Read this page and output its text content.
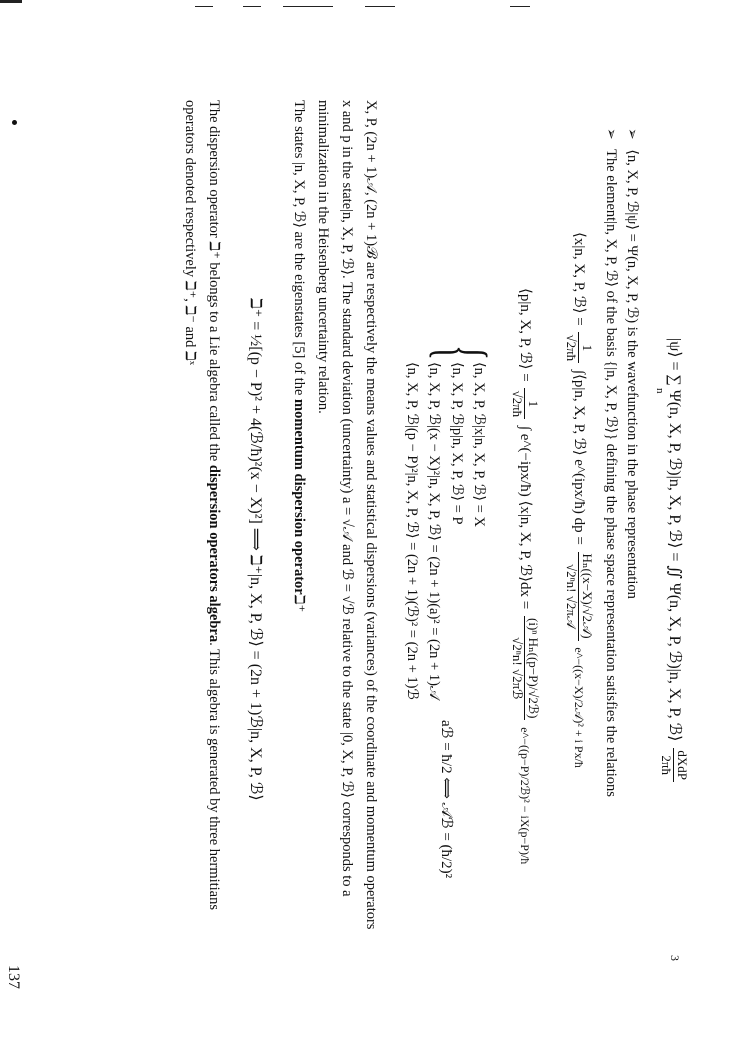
|ψ⟩ = ∑ Ψ(n, X, P, ℬ)|n, X, P, ℬ⟩ = ∬ Ψ(n, X, P, ℬ)|n, X, P, ℬ⟩
dXdP
2πħ
n
➢ ⟨n, X, P, ℬ|ψ⟩ = Ψ(n, X, P, ℬ) is the wavefunction in the phase representation
➢ The element|n, X, P, ℬ⟩ of the basis {|n, X, P, ℬ⟩} defining the phase space representation satisfies the relations
⟨x|n, X, P, ℬ⟩ =
1
√2πħ
∫⟨p|n, X, P, ℬ⟩ e^(ipx/ħ) dp =
Hₙ((x−X)/√2𝒜)
√2ⁿn! √2π𝒜
e^−((x−X)/2𝒜)² + i Px/ħ
⟨p|n, X, P, ℬ⟩ =
1
√2πħ
∫ e^(−ipx/ħ) ⟨x|n, X, P, ℬ⟩dx =
(i)ⁿ Hₙ((p−P)/√2ℬ)
√2ⁿn! √2πℬ
e^−((p−P)/2ℬ)² − iX(p−P)/ħ
{
⟨n, X, P, ℬ|x|n, X, P, ℬ⟩ = X
⟨n, X, P, ℬ|p|n, X, P, ℬ⟩ = P
⟨n, X, P, ℬ|(x − X)²|n, X, P, ℬ⟩ = (2n + 1)(a)² = (2n + 1)𝒜
⟨n, X, P, ℬ|(p − P)²|n, X, P, ℬ⟩ = (2n + 1)(ℬ)² = (2n + 1)ℬ
aℬ = ħ/2 ⟺ 𝒜ℬ = (ħ/2)²
X, P, (2n + 1)𝒜, (2n + 1)ℬ are respectively the means values and statistical dispersions (variances) of the coordinate and momentum operators
x and p in the state|n, X, P, ℬ⟩. The standard deviation (uncertainty) a = √𝒜 and ℬ = √ℬ relative to the state |0, X, P, ℬ⟩ corresponds to a
minimalization in the Heisenberg uncertainty relation.
The states |n, X, P, ℬ⟩ are the eigenstates [5] of the momentum dispersion operatorℶ⁺
ℶ⁺ = ½[(p − P)² + 4(ℬ/ħ)²(x − X)²] ⟹ ℶ⁺|n, X, P, ℬ⟩ = (2n + 1)ℬ|n, X, P, ℬ⟩
The dispersion operator ℶ⁺ belongs to a Lie algebra called the dispersion operators algebra. This algebra is generated by three hermitians
operators denoted respectively ℶ⁺, ℶ⁻ and ℶˣ
3
137
